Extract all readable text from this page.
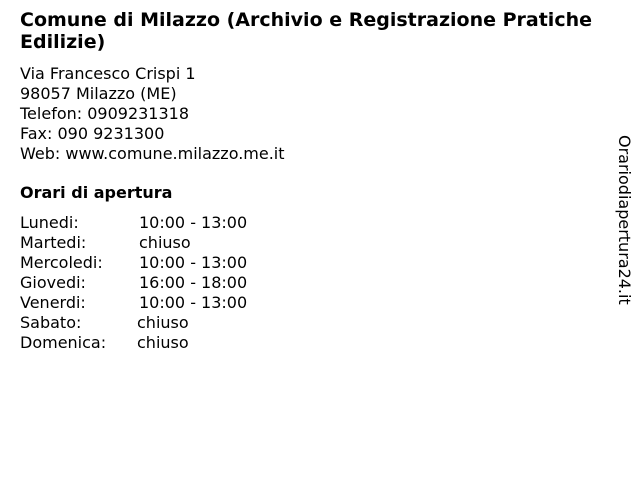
Comune di Milazzo (Archivio e Registrazione Pratiche
Edilizie)
Via Francesco Crispi 1
98057 Milazzo (ME)
Telefon: 0909231318
Fax: 090 9231300
Web: www.comune.milazzo.me.it
Orari di apertura
Lunedi:	10:00 - 13:00
Martedi:	chiuso
Mercoledi: 10:00 - 13:00
Giovedi:	16:00 - 18:00
Venerdi:	10:00 - 13:00
Sabato:	chiuso
Domenica: chiuso
Orariodiapertura24.it
